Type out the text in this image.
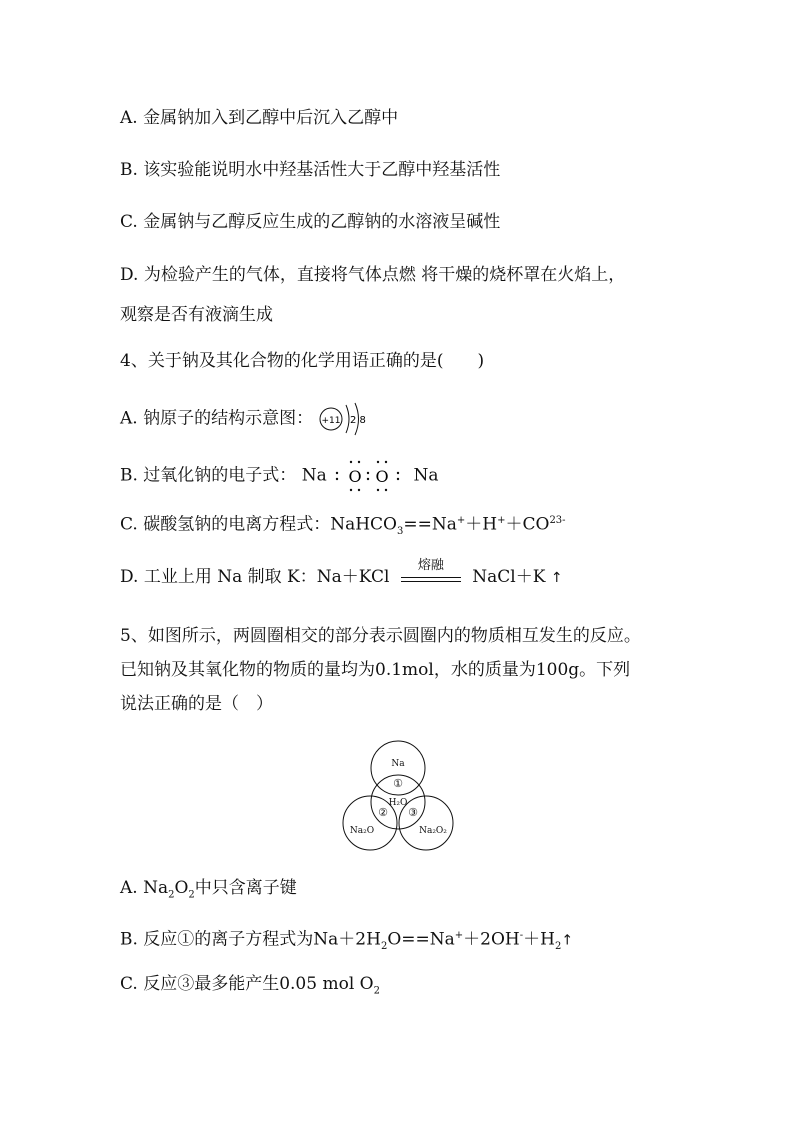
A. 金属钠加入到乙醇中后沉入乙醇中
B. 该实验能说明水中羟基活性大于乙醇中羟基活性
C. 金属钠与乙醇反应生成的乙醇钠的水溶液呈碱性
D. 为检验产生的气体，直接将气体点燃 将干燥的烧杯罩在火焰上，
观察是否有液滴生成
4、关于钠及其化合物的化学用语正确的是(　　)
A. 钠原子的结构示意图： +11 2 8
B. 过氧化钠的电子式： Na O O Na
C. 碳酸氢钠的电离方程式：$NaHCO_3==Na^++H^++CO^{23-}$
D. 工业上用 Na 制取 K：Na＋KCl
熔融
NaCl＋K ↑
5、如图所示，两圆圈相交的部分表示圆圈内的物质相互发生的反应。
已知钠及其氧化物的物质的量均为0.1mol，水的质量为100g。下列
说法正确的是（　）
Na
H₂O
Na₂O	Na₂O₂
①
② ③
A. $Na_2O_2$中只含离子键
B. 反应①的离子方程式为$Na+2H_2O==Na^++2OH^-+H_2↑$
C. 反应③最多能产生0.05 mol $O_2$
